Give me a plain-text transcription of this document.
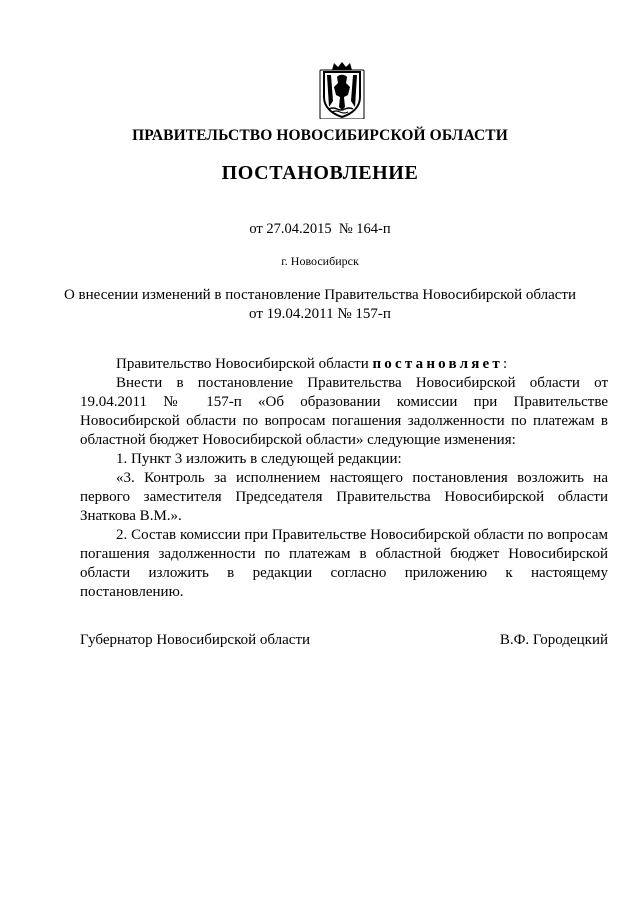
ПРАВИТЕЛЬСТВО НОВОСИБИРСКОЙ ОБЛАСТИ
ПОСТАНОВЛЕНИЕ
от 27.04.2015  № 164-п
г. Новосибирск
О внесении изменений в постановление Правительства Новосибирской области
от 19.04.2011 № 157-п

Правительство Новосибирской области постановляет:

Внести в постановление Правительства Новосибирской области от 19.04.2011 № 157-п «Об образовании комиссии при Правительстве Новосибирской области по вопросам погашения задолженности по платежам в областной бюджет Новосибирской области» следующие изменения:

1. Пункт 3 изложить в следующей редакции:

«3. Контроль за исполнением настоящего постановления возложить на первого заместителя Председателя Правительства Новосибирской области Знаткова В.М.».

2. Состав комиссии при Правительстве Новосибирской области по вопросам погашения задолженности по платежам в областной бюджет Новосибирской области изложить в редакции согласно приложению к настоящему постановлению.

Губернатор Новосибирской области	В.Ф. Городецкий
